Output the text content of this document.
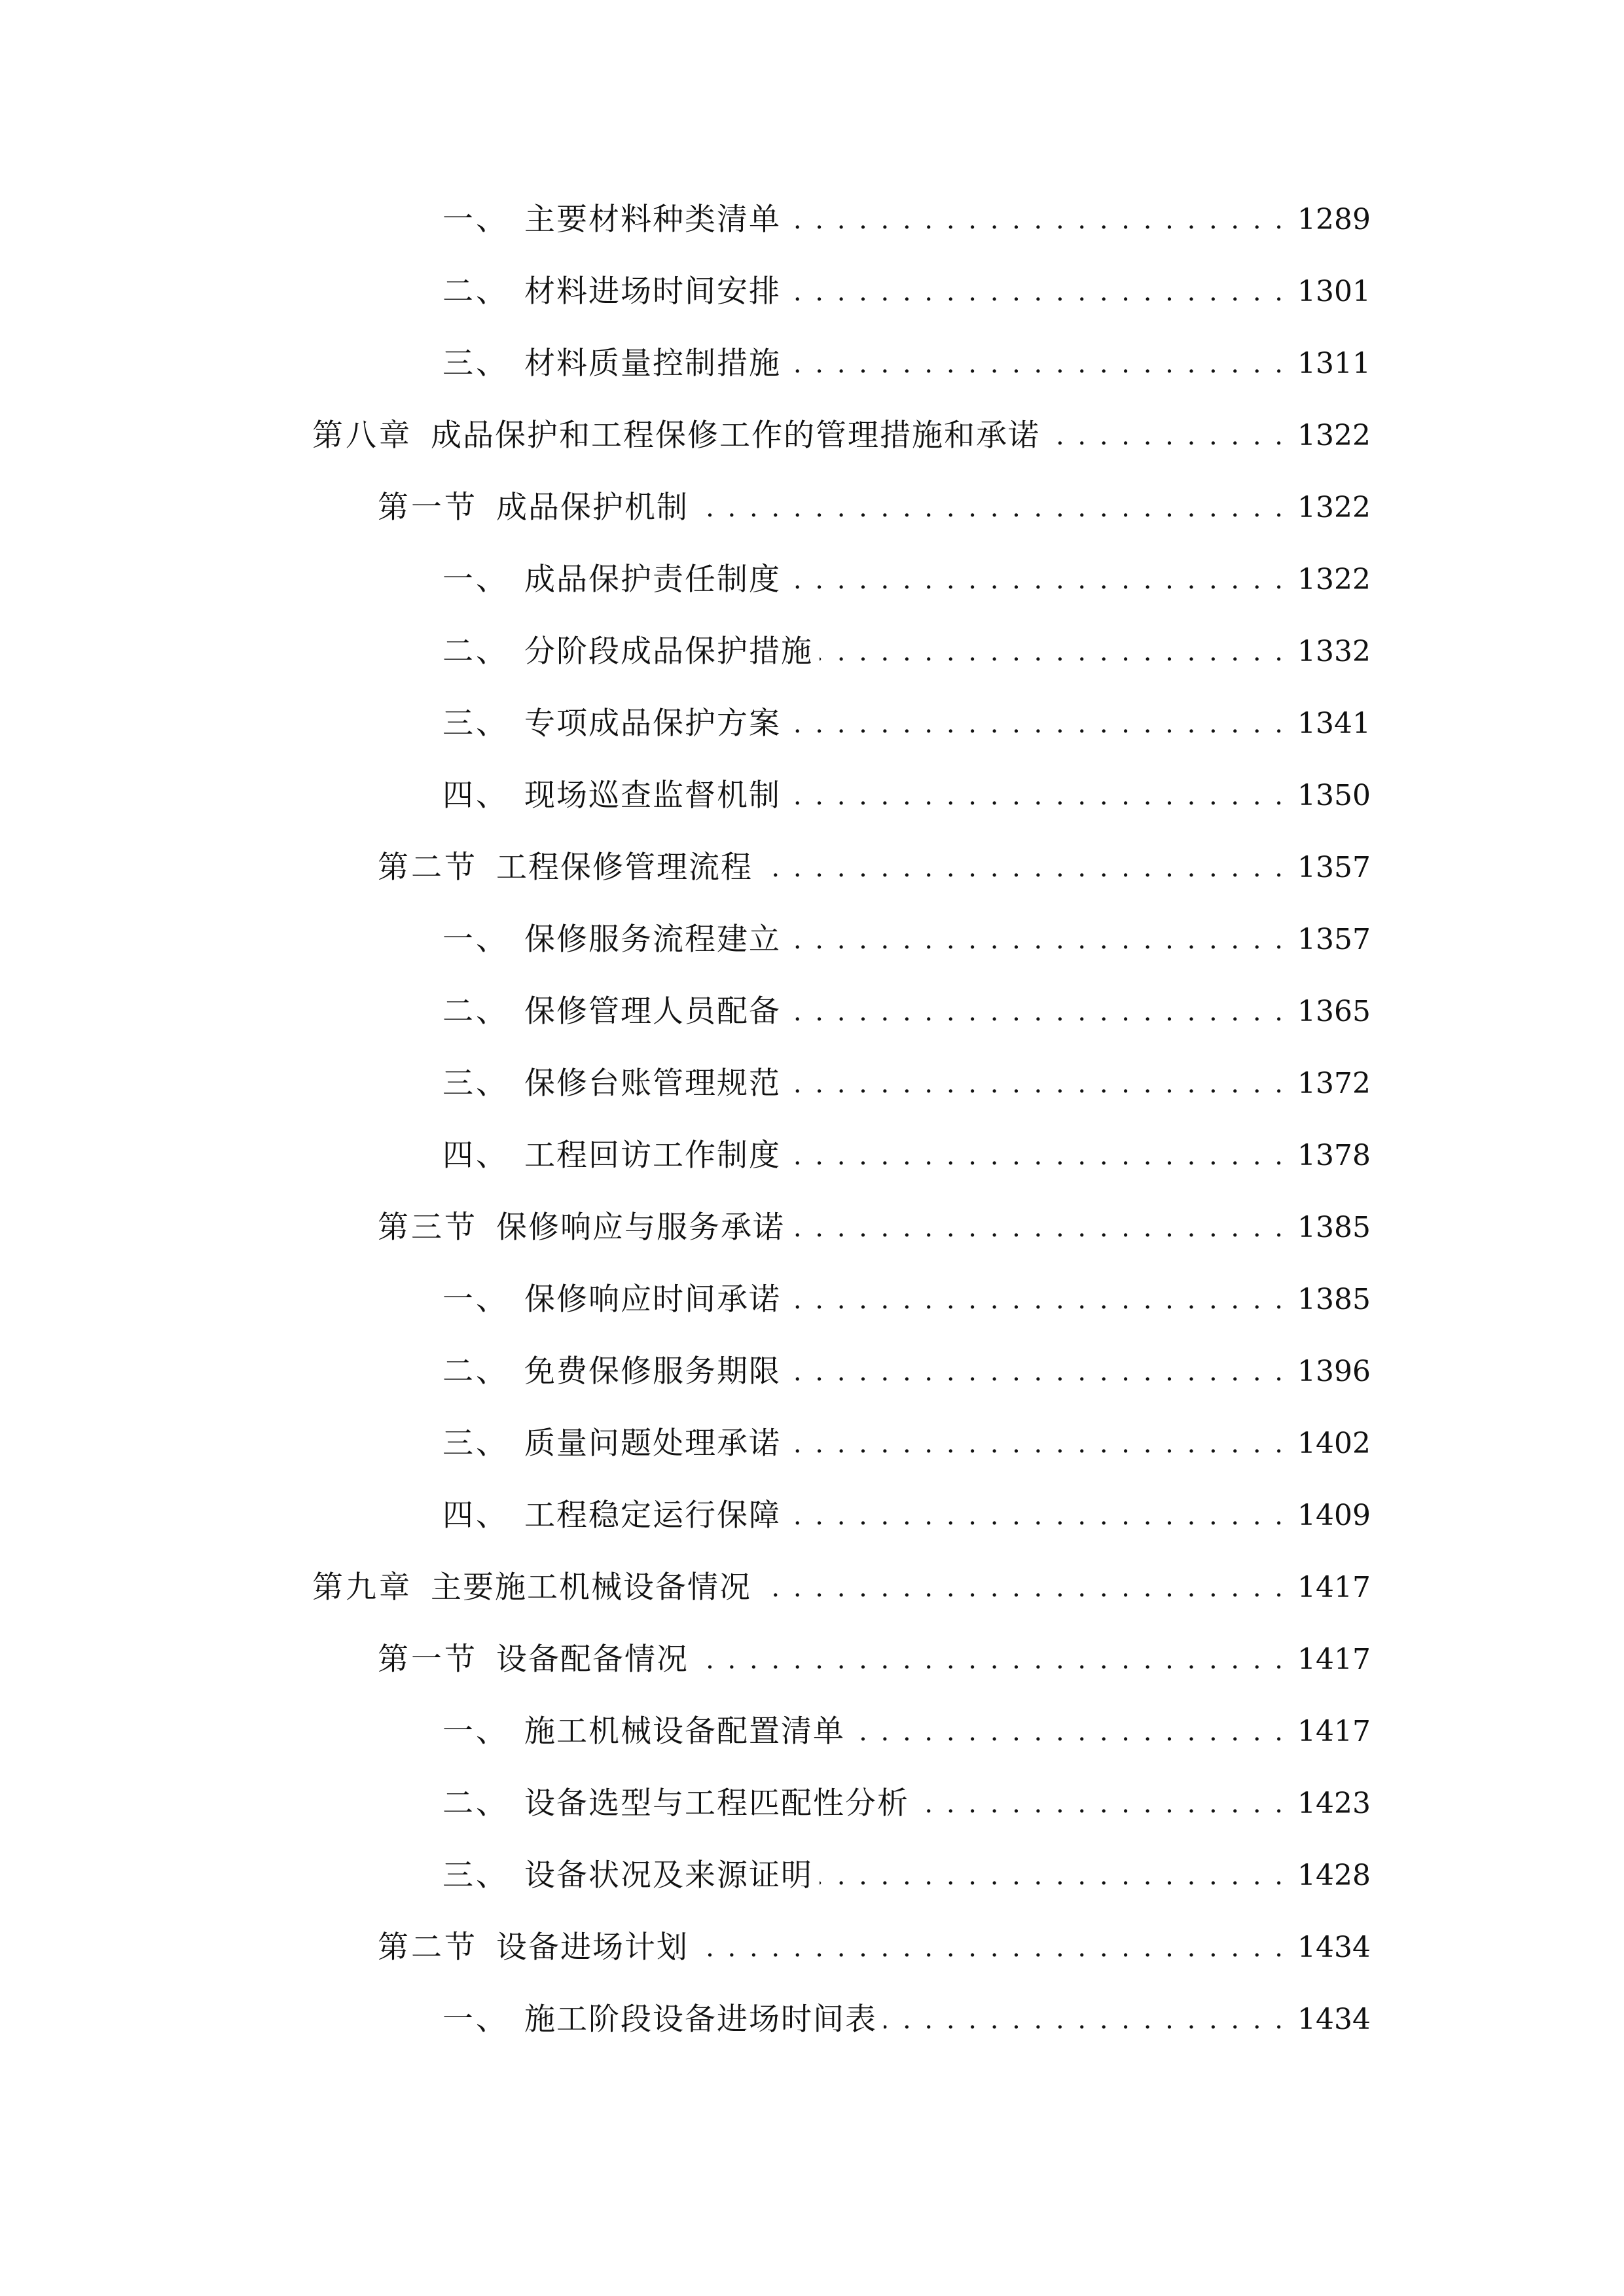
一、 主要材料种类清单 . . .	1289
二、 材料进场时间安排 . . .	1301
三、 材料质量控制措施 . . .	1311
第八章 成品保护和工程保修工作的管理措施和承诺 . . .	1322
第一节 成品保护机制 . . .	1322
一、 成品保护责任制度 . . .	1322
二、 分阶段成品保护措施 . . .	1332
三、 专项成品保护方案 . . .	1341
四、 现场巡查监督机制 . . .	1350
第二节 工程保修管理流程 . . .	1357
一、 保修服务流程建立 . . .	1357
二、 保修管理人员配备 . . .	1365
三、 保修台账管理规范 . . .	1372
四、 工程回访工作制度 . . .	1378
第三节 保修响应与服务承诺 . . .	1385
一、 保修响应时间承诺 . . .	1385
二、 免费保修服务期限 . . .	1396
三、 质量问题处理承诺 . . .	1402
四、 工程稳定运行保障 . . .	1409
第九章 主要施工机械设备情况 . . .	1417
第一节 设备配备情况 . . .	1417
一、 施工机械设备配置清单 . . .	1417
二、 设备选型与工程匹配性分析 . . .	1423
三、 设备状况及来源证明 . . .	1428
第二节 设备进场计划 . . .	1434
一、 施工阶段设备进场时间表 . . .	1434
